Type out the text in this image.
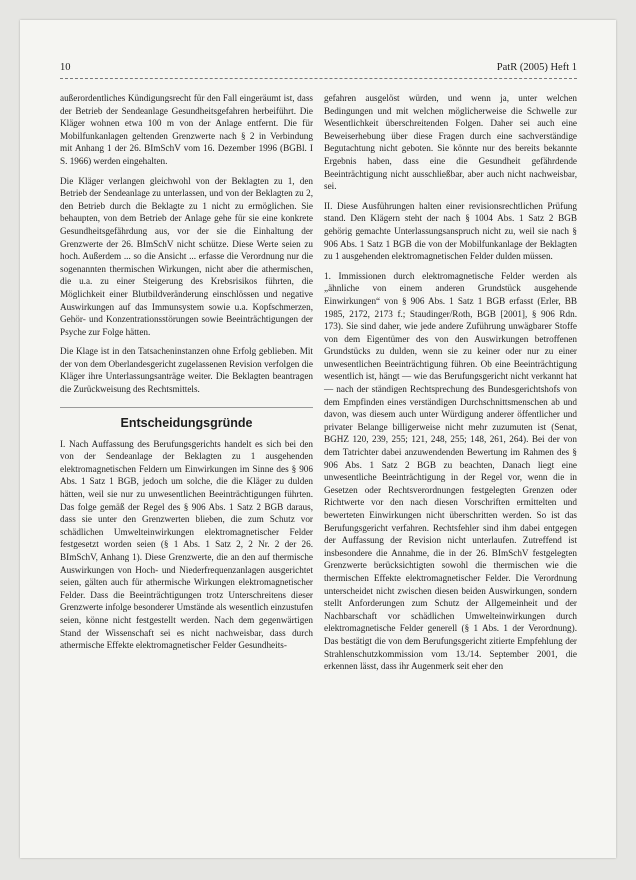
10	PatR (2005) Heft 1

außerordentliches Kündigungsrecht für den Fall eingeräumt ist, dass der Betrieb der Sendeanlage Gesundheitsgefahren herbeiführt. Die Kläger wohnen etwa 100 m von der Anlage entfernt. Die für Mobilfunkanlagen geltenden Grenzwerte nach § 2 in Verbindung mit Anhang 1 der 26. BImSchV vom 16. Dezember 1996 (BGBl. I S. 1966) werden eingehalten.

Die Kläger verlangen gleichwohl von der Beklagten zu 1, den Betrieb der Sendeanlage zu unterlassen, und von der Beklagten zu 2, den Betrieb durch die Beklagte zu 1 nicht zu ermöglichen. Sie behaupten, von dem Betrieb der Anlage gehe für sie eine konkrete Gesundheitsgefährdung aus, vor der sie die Einhaltung der Grenzwerte der 26. BImSchV nicht schütze. Diese Werte seien zu hoch. Außerdem ... so die Ansicht ... erfasse die Verordnung nur die sogenannten thermischen Wirkungen, nicht aber die athermischen, die u.a. zu einer Steigerung des Krebsrisikos führten, die Möglichkeit einer Blutbildveränderung einschlössen und negative Auswirkungen auf das Immunsystem sowie u.a. Kopfschmerzen, Gehör- und Konzentrationsstörungen sowie Beeinträchtigungen der Psyche zur Folge hätten.

Die Klage ist in den Tatsacheninstanzen ohne Erfolg geblieben. Mit der von dem Oberlandesgericht zugelassenen Revision verfolgen die Kläger ihre Unterlassungsanträge weiter. Die Beklagten beantragen die Zurückweisung des Rechtsmittels.

Entscheidungsgründe

I. Nach Auffassung des Berufungsgerichts handelt es sich bei den von der Sendeanlage der Beklagten zu 1 ausgehenden elektromagnetischen Feldern um Einwirkungen im Sinne des § 906 Abs. 1 Satz 1 BGB, jedoch um solche, die die Kläger zu dulden hätten, weil sie nur zu unwesentlichen Beeinträchtigungen führten. Das folge gemäß der Regel des § 906 Abs. 1 Satz 2 BGB daraus, dass sie unter den Grenzwerten blieben, die zum Schutz vor schädlichen Umwelteinwirkungen elektromagnetischer Felder festgesetzt worden seien (§ 1 Abs. 1 Satz 2, 2 Nr. 2 der 26. BImSchV, Anhang 1). Diese Grenzwerte, die an den auf thermische Auswirkungen von Hoch- und Niederfrequenzanlagen ausgerichtet seien, gälten auch für athermische Wirkungen elektromagnetischer Felder. Dass die Beeinträchtigungen trotz Unterschreitens dieser Grenzwerte infolge besonderer Umstände als wesentlich einzustufen seien, könne nicht festgestellt werden. Nach dem gegenwärtigen Stand der Wissenschaft sei es nicht nachweisbar, dass durch athermische Effekte elektromagnetischer Felder Gesundheits-

gefahren ausgelöst würden, und wenn ja, unter welchen Bedingungen und mit welchen möglicherweise die Schwelle zur Wesentlichkeit überschreitenden Folgen. Daher sei auch eine Beweiserhebung über diese Fragen durch eine sachverständige Begutachtung nicht geboten. Sie könnte nur des bereits bekannte Ergebnis haben, dass eine die Gesundheit gefährdende Beeinträchtigung nicht ausschließbar, aber auch nicht nachweisbar, sei.

II. Diese Ausführungen halten einer revisionsrechtlichen Prüfung stand. Den Klägern steht der nach § 1004 Abs. 1 Satz 2 BGB gehörig gemachte Unterlassungsanspruch nicht zu, weil sie nach § 906 Abs. 1 Satz 1 BGB die von der Mobilfunkanlage der Beklagten zu 1 ausgehenden elektromagnetischen Felder dulden müssen.

1. Immissionen durch elektromagnetische Felder werden als „ähnliche von einem anderen Grundstück ausgehende Einwirkungen“ von § 906 Abs. 1 Satz 1 BGB erfasst (Erler, BB 1985, 2172, 2173 f.; Staudinger/Roth, BGB [2001], § 906 Rdn. 173). Sie sind daher, wie jede andere Zuführung unwägbarer Stoffe von dem Eigentümer des von den Auswirkungen betroffenen Grundstücks zu dulden, wenn sie zu keiner oder nur zu einer unwesentlichen Beeinträchtigung führen. Ob eine Beeinträchtigung wesentlich ist, hängt — wie das Berufungsgericht nicht verkannt hat — nach der ständigen Rechtsprechung des Bundesgerichtshofs von dem Empfinden eines verständigen Durchschnittsmenschen ab und davon, was diesem auch unter Würdigung anderer öffentlicher und privater Belange billigerweise nicht mehr zuzumuten ist (Senat, BGHZ 120, 239, 255; 121, 248, 255; 148, 261, 264). Bei der von dem Tatrichter dabei anzuwendenden Bewertung im Rahmen des § 906 Abs. 1 Satz 2 BGB zu beachten, Danach liegt eine unwesentliche Beeinträchtigung in der Regel vor, wenn die in Gesetzen oder Rechtsverordnungen festgelegten Grenzen oder Richtwerte vor den nach diesen Vorschriften ermittelten und bewerteten Einwirkungen nicht überschritten werden. So ist das Berufungsgericht verfahren. Rechtsfehler sind ihm dabei entgegen der Auffassung der Revision nicht unterlaufen. Zutreffend ist insbesondere die Annahme, die in der 26. BImSchV festgelegten Grenzwerte berücksichtigten sowohl die thermischen wie die thermischen Effekte elektromagnetischer Felder. Die Verordnung unterscheidet nicht zwischen diesen beiden Auswirkungen, sondern stellt Anforderungen zum Schutz der Allgemeinheit und der Nachbarschaft vor schädlichen Umwelteinwirkungen durch elektromagnetische Felder generell (§ 1 Abs. 1 der Verordnung). Das bestätigt die von dem Berufungsgericht zitierte Empfehlung der Strahlenschutzkommission vom 13./14. September 2001, die erkennen lässt, dass ihr Augenmerk seit eher den
